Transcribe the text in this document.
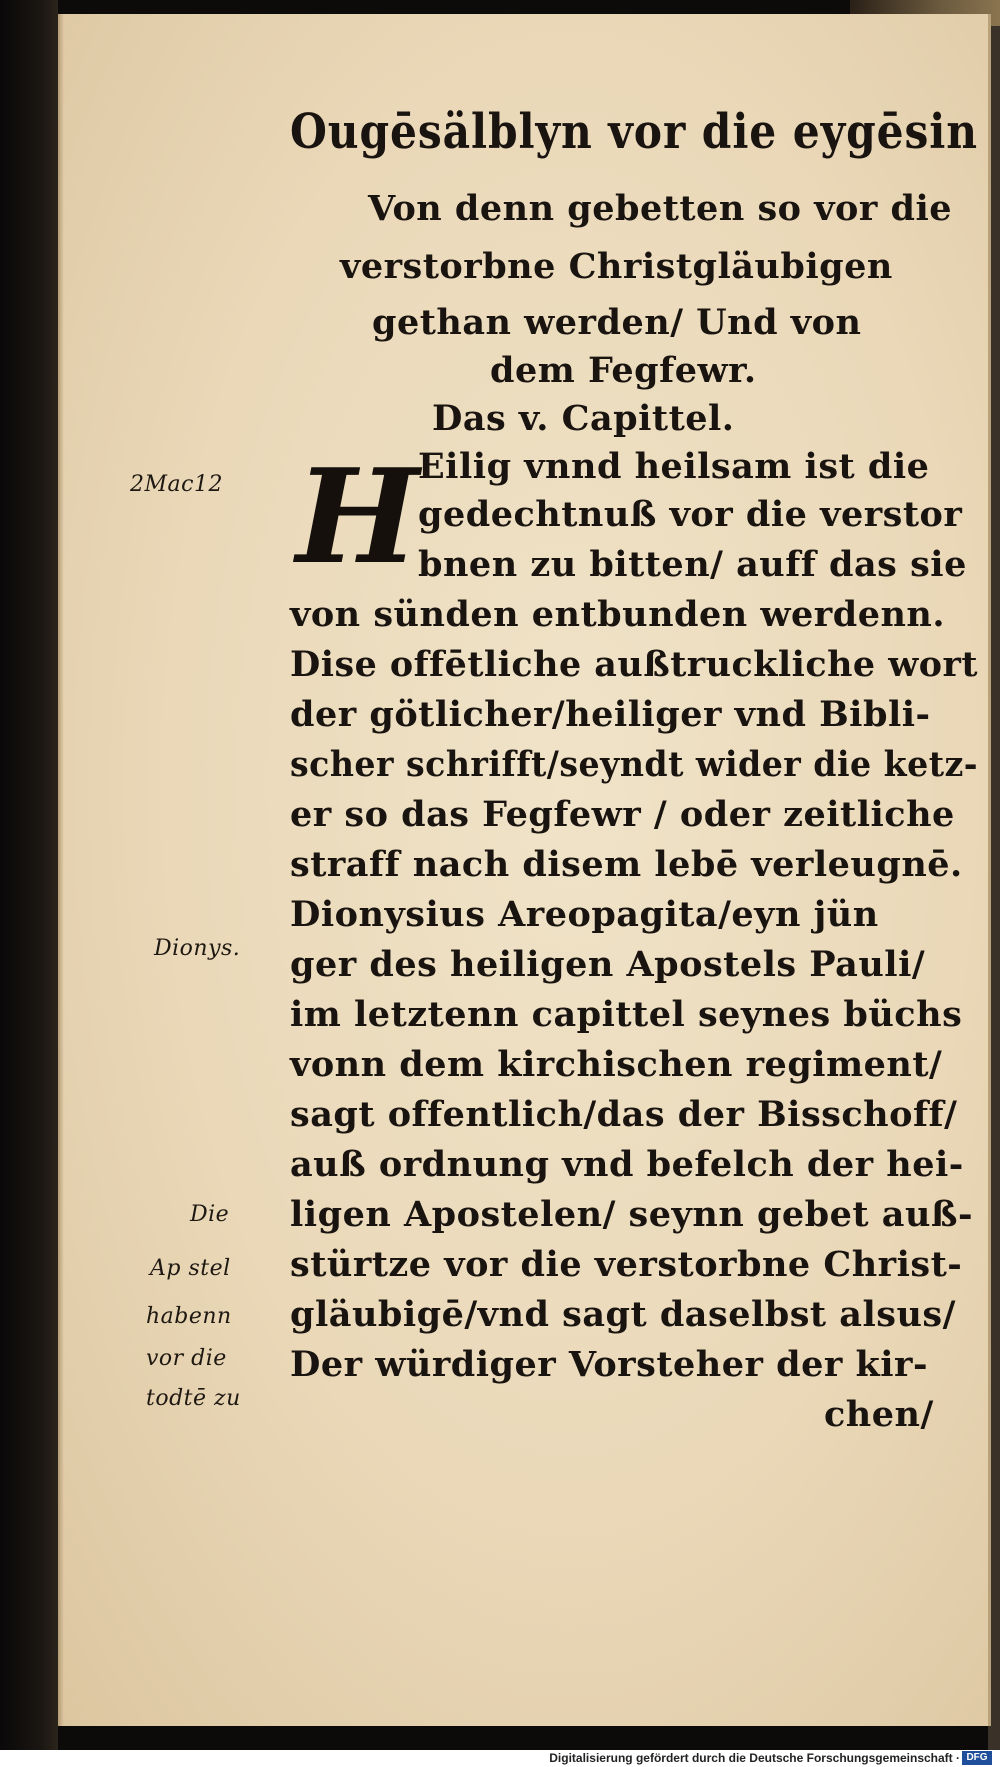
Ougēsälblyn vor die eygēsin
Von denn gebetten so vor die
verstorbne Christgläubigen
gethan werden/ Und von
dem Fegfewr.
Das v. Capittel.
H Eilig vnnd heilsam ist die
gedechtnuß vor die verstor
bnen zu bitten/ auff das sie
von sünden entbunden werdenn.
Dise offētliche außtruckliche wort
der götlicher/heiliger vnd Bibli-
scher schrifft/seyndt wider die ketz-
er so das Fegfewr / oder zeitliche
straff nach disem lebē verleugnē.
Dionysius Areopagita/eyn jün
ger des heiligen Apostels Pauli/
im letztenn capittel seynes büchs
vonn dem kirchischen regiment/
sagt offentlich/das der Bisschoff/
auß ordnung vnd befelch der hei-
ligen Apostelen/ seynn gebet auß-
stürtze vor die verstorbne Christ-
gläubigē/vnd sagt daselbst alsus/
Der würdiger Vorsteher der kir-
chen/
2Mac12
Dionys.
Die
Ap stel
habenn
vor die
todtē zu
Digitalisierung gefördert durch die Deutsche Forschungsgemeinschaft · DFG
